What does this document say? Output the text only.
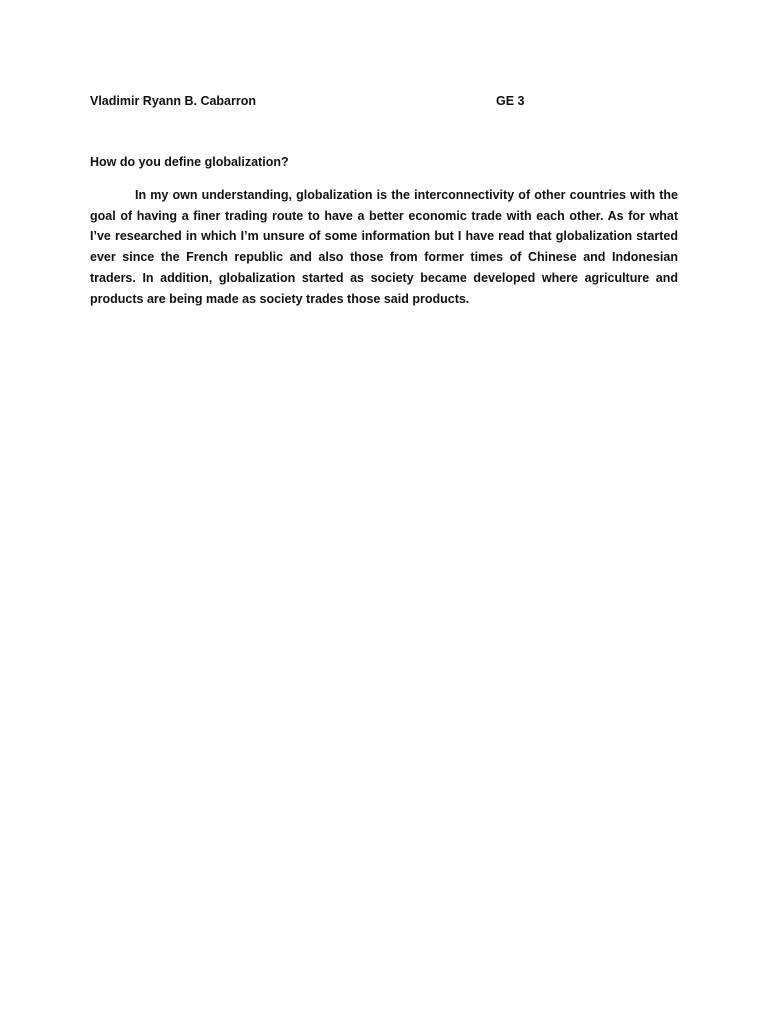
Vladimir Ryann B. Cabarron	GE 3
How do you define globalization?

In my own understanding, globalization is the interconnectivity of other countries with the goal of having a finer trading route to have a better economic trade with each other. As for what I’ve researched in which I’m unsure of some information but I have read that globalization started ever since the French republic and also those from former times of Chinese and Indonesian traders. In addition, globalization started as society became developed where agriculture and products are being made as society trades those said products.
